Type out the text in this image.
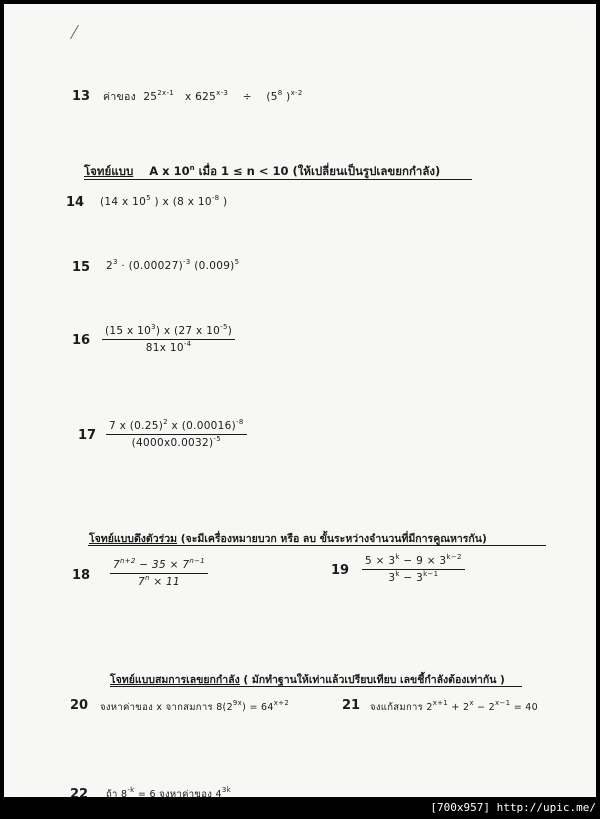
13 ค่าของ $25^{2x-1}$ x $625^{x-3} \div (5^8$ )$^{x-2}$
โจทย์แบบ A x 10$^n$ เมื่อ 1 ≤ n < 10 (ให้เปลี่ยนเป็นรูปเลขยกกำลัง)
14 (14 x $10^5$ ) x (8 x $10^{-8}$ )
15 $2^3 \cdot (0.00027)^{-3}$ $(0.009)^5$
$16 \frac{(15 x 10^3) x (27 x 10^{-5})}{81x 10^{-4}}$
$17 \frac{7 x (0.25)^2 x (0.00016)^{-8}}{(4000x0.0032)^{-5}}$
โจทย์แบบดึงตัวร่วม (จะมีเครื่องหมายบวก หรือ ลบ ขั้นระหว่างจำนวนที่มีการคูณหารกัน)
$18 \frac{7^{n+2} - 35 \times 7^{n-1}}{7^n \times 11}$	$19 \frac{5 \times 3^k - 9 \times 3^{k-2}}{3^k - 3^{k-1}}$
โจทย์แบบสมการเลขยกกำลัง ( มักทำฐานให้เท่าแล้วเปรียบเทียบ เลขชี้กำลังต้องเท่ากัน )
20 จงหาค่าของ x จากสมการ $8(2^{9x}) = 64^{x+2}$	21 จงแก้สมการ $2^{x+1} + 2^x - 2^{x-1} = 40$
22 ถ้า $8^{-k} = 6$ จงหาค่าของ $4^{3k}$
[700x957] http://upic.me/
